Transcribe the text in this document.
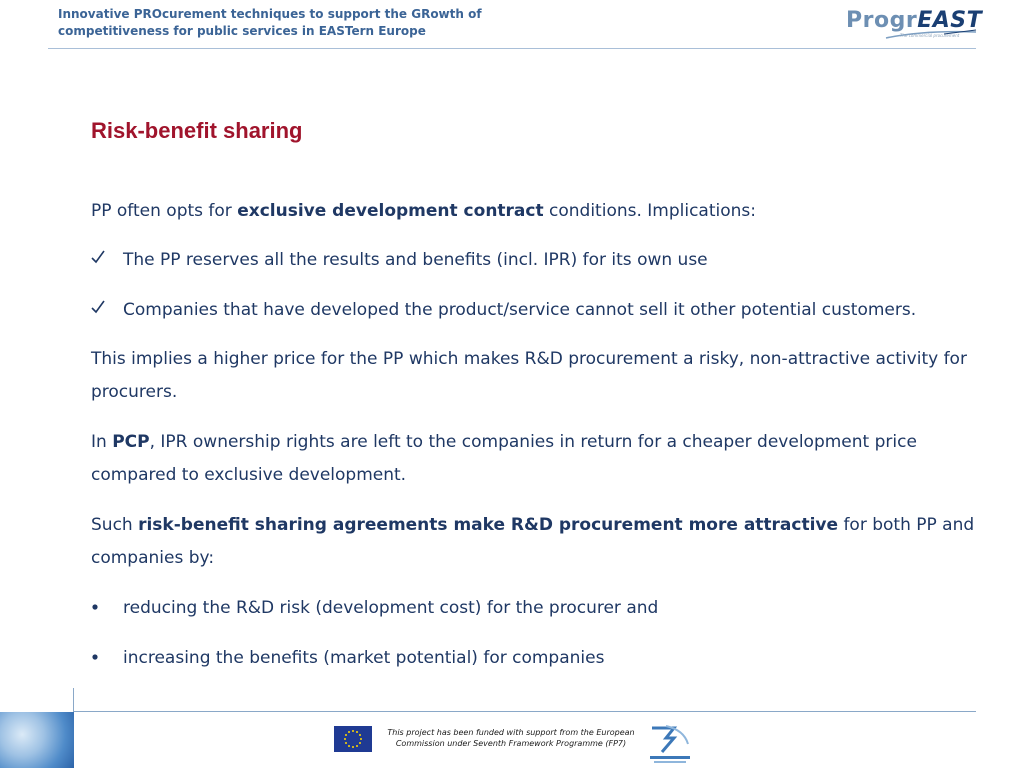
Innovative PROcurement techniques to support the GRowth of competitiveness for public services in EASTern Europe	ProgrEAST
The commercial procurement
Risk-benefit sharing
PP often opts for exclusive development contract conditions. Implications:
The PP reserves all the results and benefits (incl. IPR) for its own use
Companies that have developed the product/service cannot sell it other potential customers.
This implies a higher price for the PP which makes R&D procurement a risky, non-attractive activity for procurers.
In PCP, IPR ownership rights are left to the companies in return for a cheaper development price compared to exclusive development.
Such risk-benefit sharing agreements make R&D procurement more attractive for both PP and companies by:
reducing the R&D risk (development cost) for the procurer and
increasing the benefits (market potential) for companies
This project has been funded with support from the European Commission under Seventh Framework Programme (FP7)
